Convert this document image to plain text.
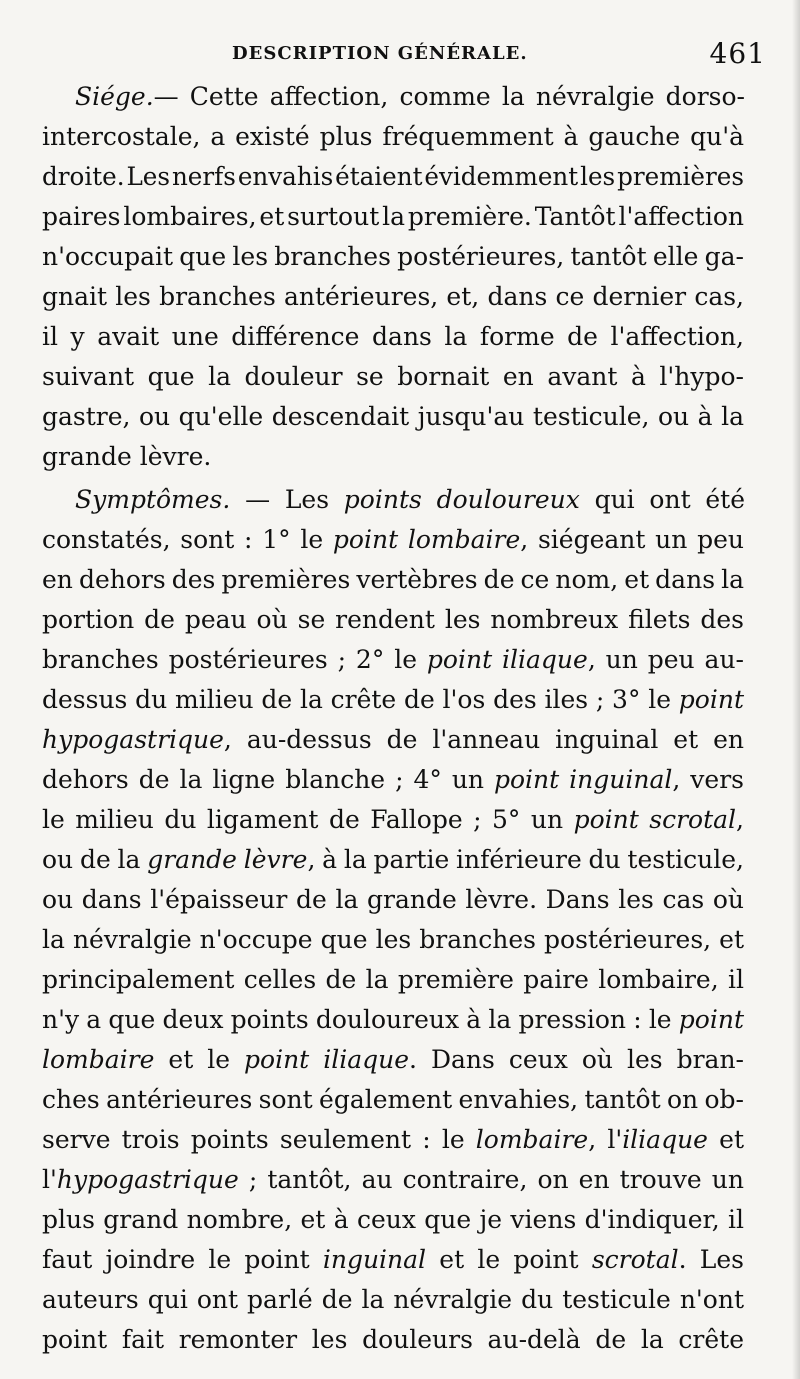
DESCRIPTION GÉNÉRALE.	461
Siége.— Cette affection, comme la névralgie dorso-
intercostale, a existé plus fréquemment à gauche qu'à
droite. Les nerfs envahis étaient évidemment les premières
paires lombaires, et surtout la première. Tantôt l'affection
n'occupait que les branches postérieures, tantôt elle ga-
gnait les branches antérieures, et, dans ce dernier cas,
il y avait une différence dans la forme de l'affection,
suivant que la douleur se bornait en avant à l'hypo-
gastre, ou qu'elle descendait jusqu'au testicule, ou à la
grande lèvre.
Symptômes. — Les points douloureux qui ont été
constatés, sont : 1° le point lombaire, siégeant un peu
en dehors des premières vertèbres de ce nom, et dans la
portion de peau où se rendent les nombreux filets des
branches postérieures ; 2° le point iliaque, un peu au-
dessus du milieu de la crête de l'os des iles ; 3° le point
hypogastrique, au-dessus de l'anneau inguinal et en
dehors de la ligne blanche ; 4° un point inguinal, vers
le milieu du ligament de Fallope ; 5° un point scrotal,
ou de la grande lèvre, à la partie inférieure du testicule,
ou dans l'épaisseur de la grande lèvre. Dans les cas où
la névralgie n'occupe que les branches postérieures, et
principalement celles de la première paire lombaire, il
n'y a que deux points douloureux à la pression : le point
lombaire et le point iliaque. Dans ceux où les bran-
ches antérieures sont également envahies, tantôt on ob-
serve trois points seulement : le lombaire, l'iliaque et
l'hypogastrique ; tantôt, au contraire, on en trouve un
plus grand nombre, et à ceux que je viens d'indiquer, il
faut joindre le point inguinal et le point scrotal. Les
auteurs qui ont parlé de la névralgie du testicule n'ont
point fait remonter les douleurs au-delà de la crête
